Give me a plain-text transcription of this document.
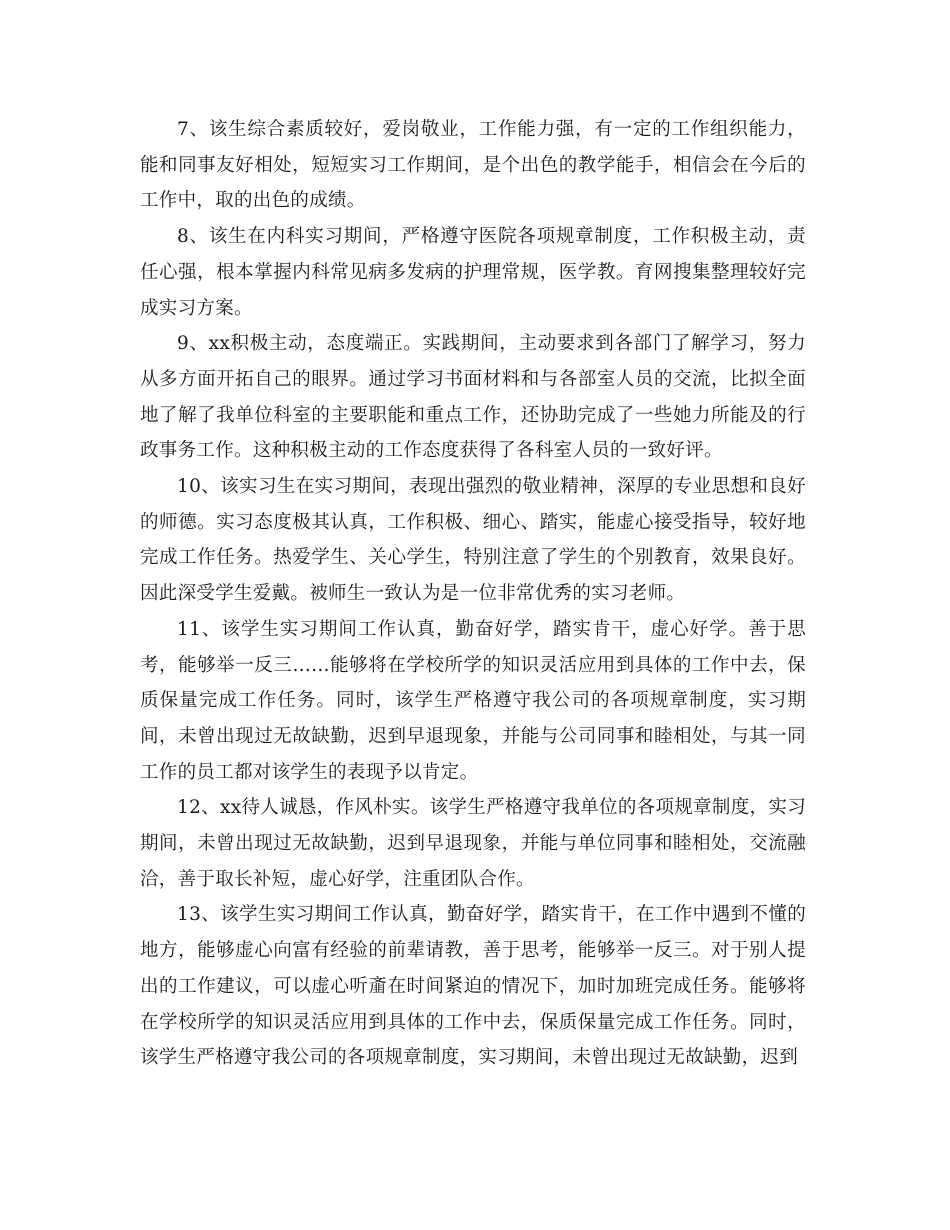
7、该生综合素质较好，爱岗敬业，工作能力强，有一定的工作组织能力，能和同事友好相处，短短实习工作期间，是个出色的教学能手，相信会在今后的工作中，取的出色的成绩。

8、该生在内科实习期间，严格遵守医院各项规章制度，工作积极主动，责任心强，根本掌握内科常见病多发病的护理常规，医学教。育网搜集整理较好完成实习方案。

9、xx积极主动，态度端正。实践期间，主动要求到各部门了解学习，努力从多方面开拓自己的眼界。通过学习书面材料和与各部室人员的交流，比拟全面地了解了我单位科室的主要职能和重点工作，还协助完成了一些她力所能及的行政事务工作。这种积极主动的工作态度获得了各科室人员的一致好评。

10、该实习生在实习期间，表现出强烈的敬业精神，深厚的专业思想和良好的师德。实习态度极其认真，工作积极、细心、踏实，能虚心接受指导，较好地完成工作任务。热爱学生、关心学生，特别注意了学生的个别教育，效果良好。因此深受学生爱戴。被师生一致认为是一位非常优秀的实习老师。

11、该学生实习期间工作认真，勤奋好学，踏实肯干，虚心好学。善于思考，能够举一反三……能够将在学校所学的知识灵活应用到具体的工作中去，保质保量完成工作任务。同时，该学生严格遵守我公司的各项规章制度，实习期间，未曾出现过无故缺勤，迟到早退现象，并能与公司同事和睦相处，与其一同工作的员工都对该学生的表现予以肯定。

12、xx待人诚恳，作风朴实。该学生严格遵守我单位的各项规章制度，实习期间，未曾出现过无故缺勤，迟到早退现象，并能与单位同事和睦相处，交流融洽，善于取长补短，虚心好学，注重团队合作。

13、该学生实习期间工作认真，勤奋好学，踏实肯干，在工作中遇到不懂的地方，能够虚心向富有经验的前辈请教，善于思考，能够举一反三。对于别人提出的工作建议，可以虚心听齑在时间紧迫的情况下，加时加班完成任务。能够将在学校所学的知识灵活应用到具体的工作中去，保质保量完成工作任务。同时，该学生严格遵守我公司的各项规章制度，实习期间，未曾出现过无故缺勤，迟到
